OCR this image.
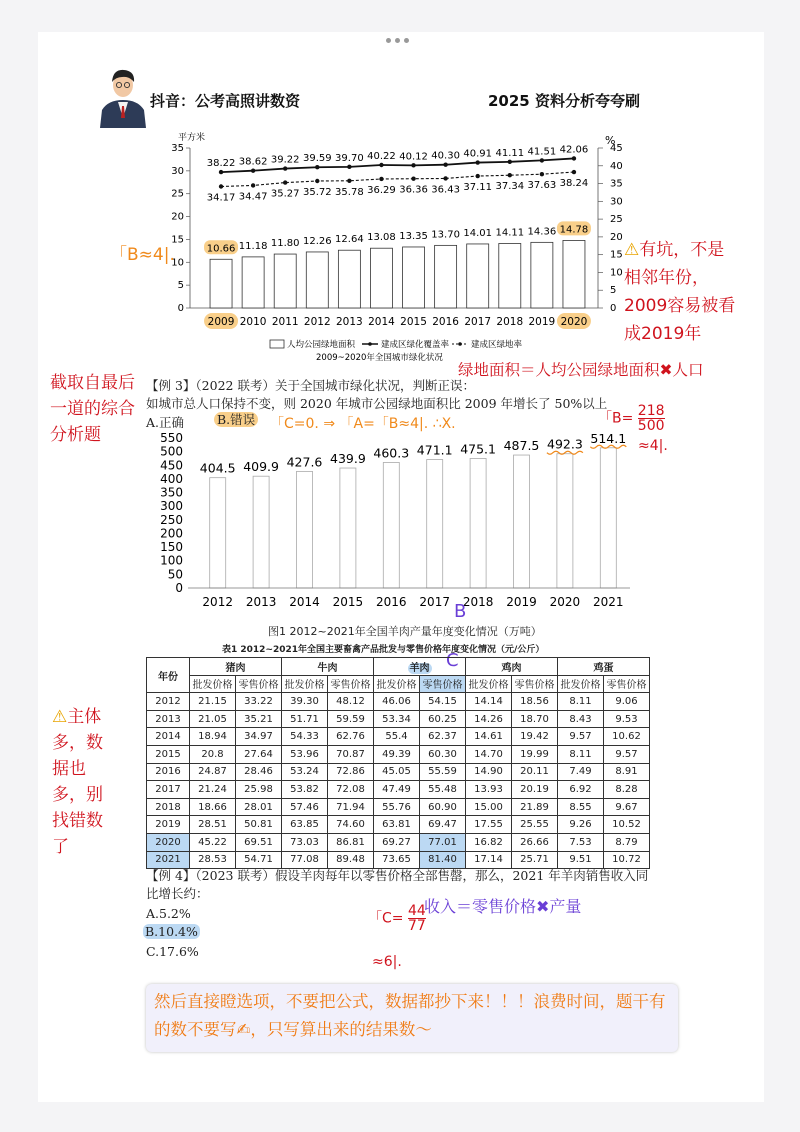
抖音：公考高照讲数资	2025 资料分析夸夸刷
平方米	%
35
30
25
20
15
10
5
0
45
40
35
30
25
20
15
10
5
0
10.66
38.22
34.17
11.18
38.62
34.47
11.80
39.22
35.27
12.26
39.59
35.72
12.64
39.70
35.78
13.08
40.22
36.29
13.35
40.12
36.36
13.70
40.30
36.43
14.01
40.91
37.11
14.11
41.11
37.34
14.36
41.51
37.63
14.78
42.06
38.24
2009 2010 2011 2012 2013 2014 2015 2016 2017 2018 2019 2020
人均公园绿地面积	建成区绿化覆盖率	建成区绿地率
2009~2020年全国城市绿化状况
「B≈4|.	⚠有坑，不是
相邻年份，
2009容易被看
成2019年
截取自最后
一道的综合
分析题
绿地面积＝人均公园绿地面积✖人口
【例 3】（2022 联考）关于全国城市绿化状况，判断正误：
如城市总人口保持不变，则 2020 年城市公园绿地面积比 2009 年增长了 50%以上
A.正确	B.错误 「C=0. ⇒ 「A=「B≈4|. ∴X.	「$B= \frac{218}{500}$
≈4|.
550
500
450
400
350
300
250
200
150
100
50
0
404.5 409.9 427.6 439.9 460.3 471.1 475.1 487.5 492.3 514.1
2012 2013 2014 2015 2016 2017 2018 2019 2020 2021
图1 2012~2021年全国羊肉产量年度变化情况（万吨）
B
C
表1 2012~2021年全国主要畜禽产品批发与零售价格年度变化情况（元/公斤）
年份	猪肉		牛肉		羊肉		鸡肉		鸡蛋	
	批发价格	零售价格	批发价格	零售价格	批发价格	零售价格	批发价格	零售价格	批发价格	零售价格
2012	21.15	33.22	39.30	48.12	46.06	54.15	14.14	18.56	8.11	9.06
2013	21.05	35.21	51.71	59.59	53.34	60.25	14.26	18.70	8.43	9.53
2014	18.94	34.97	54.33	62.76	55.4	62.37	14.61	19.42	9.57	10.62
2015	20.8	27.64	53.96	70.87	49.39	60.30	14.70	19.99	8.11	9.57
2016	24.87	28.46	53.24	72.86	45.05	55.59	14.90	20.11	7.49	8.91
2017	21.24	25.98	53.82	72.08	47.49	55.48	13.93	20.19	6.92	8.28
2018	18.66	28.01	57.46	71.94	55.76	60.90	15.00	21.89	8.55	9.67
2019	28.51	50.81	63.85	74.60	63.81	69.47	17.55	25.55	9.26	10.52
2020	45.22	69.51	73.03	86.81	69.27	77.01	16.82	26.66	7.53	8.79
2021	28.53	54.71	77.08	89.48	73.65	81.40	17.14	25.71	9.51	10.72
⚠主体
多，数
据也
多，别
找错数
了
【例 4】（2023 联考）假设羊肉每年以零售价格全部售罄，那么，2021 年羊肉销售收入同
比增长约：
A.5.2%
B.10.4%
C.17.6%
收入＝零售价格✖产量
「$C= \frac{44}{77}$
≈6|.
然后直接瞪选项，不要把公式，数据都抄下来！！！浪费时间，题干有的数不要写✍，只写算出来的结果数～
